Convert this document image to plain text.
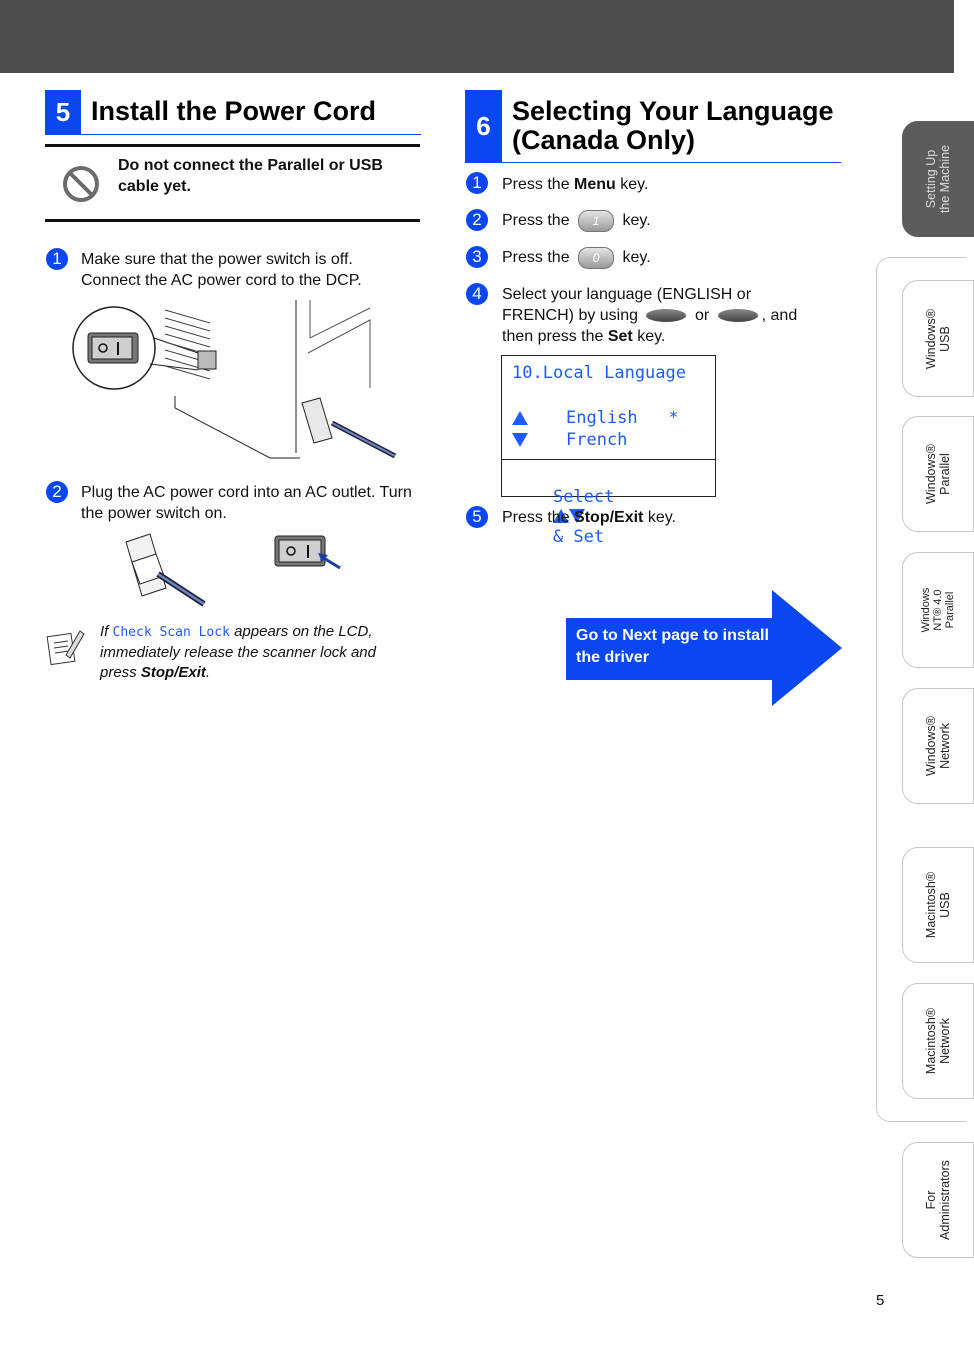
5 Install the Power Cord
Do not connect the Parallel or USB cable yet.
1	Make sure that the power switch is off. Connect the AC power cord to the DCP.
2	Plug the AC power cord into an AC outlet. Turn the power switch on.
If Check Scan Lock appears on the LCD, immediately release the scanner lock and press Stop/Exit.
6 Selecting Your Language (Canada Only)
1	Press the Menu key.
2	Press the 1 key.
3	Press the 0 key.
4	Select your language (ENGLISH or
FRENCH) by using	or	, and
then press the Set key.
10.Local Language
English   *
French

Select

& Set

5	Press the Stop/Exit key.
Go to Next page to install the driver
Setting Up
the Machine
Windows®
USB
Windows®
Parallel
Windows
NT® 4.0
Parallel
Windows®
Network
Macintosh®
USB
Macintosh®
Network
For
Administrators
5
